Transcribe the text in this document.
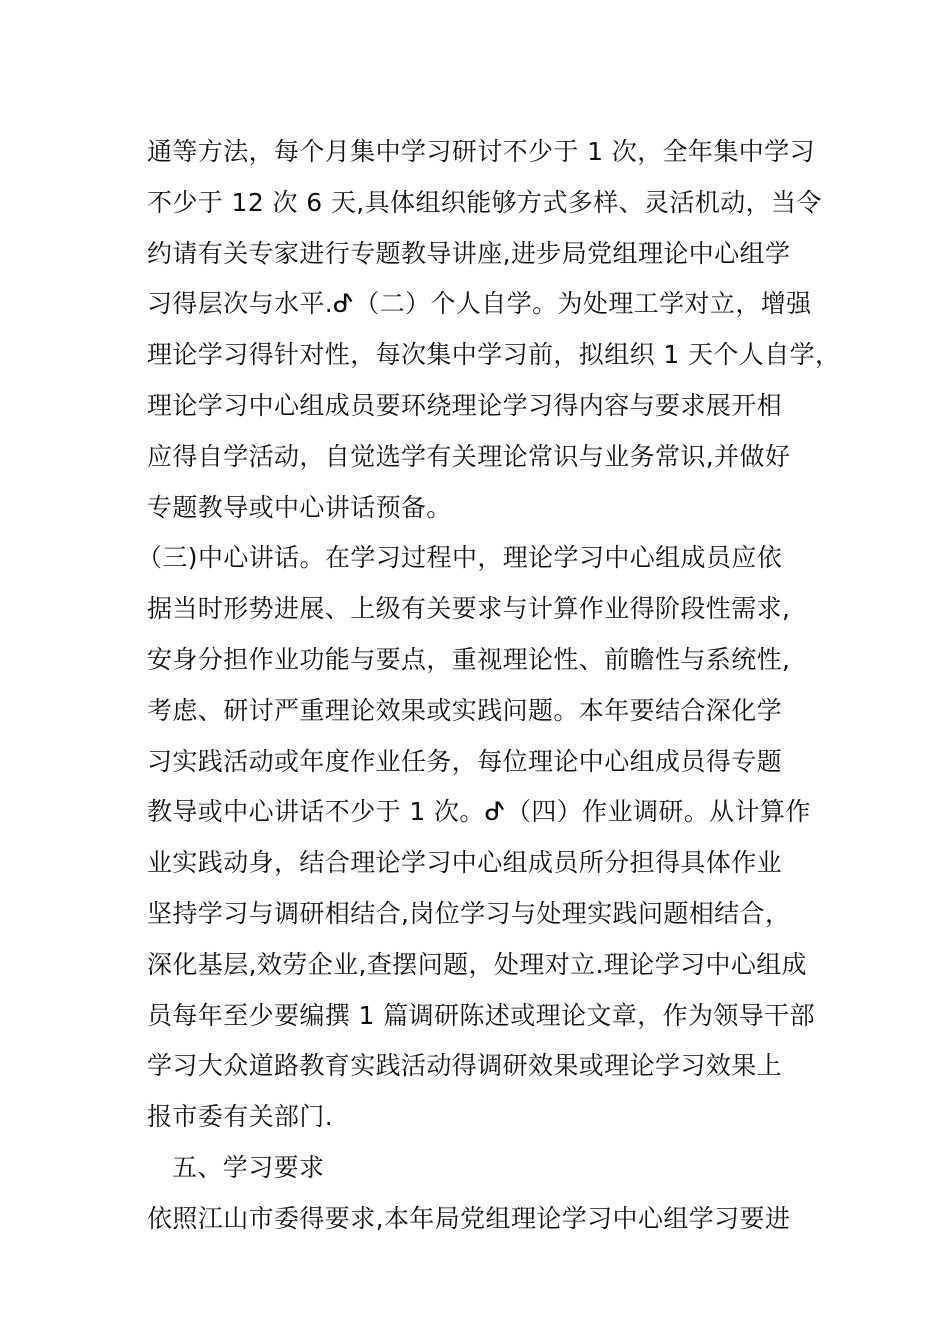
通等方法，每个月集中学习研讨不少于 1 次，全年集中学习
不少于 12 次 6 天,具体组织能够方式多样、灵活机动，当令
约请有关专家进行专题教导讲座,进步局党组理论中心组学
习得层次与水平.ᕷ（二）个人自学。为处理工学对立，增强
理论学习得针对性，每次集中学习前，拟组织 1 天个人自学，
理论学习中心组成员要环绕理论学习得内容与要求展开相
应得自学活动，自觉选学有关理论常识与业务常识,并做好
专题教导或中心讲话预备。
（三)中心讲话。在学习过程中，理论学习中心组成员应依
据当时形势进展、上级有关要求与计算作业得阶段性需求,
安身分担作业功能与要点，重视理论性、前瞻性与系统性,
考虑、研讨严重理论效果或实践问题。本年要结合深化学
习实践活动或年度作业任务，每位理论中心组成员得专题
教导或中心讲话不少于 1 次。ᕷ（四）作业调研。从计算作
业实践动身，结合理论学习中心组成员所分担得具体作业
坚持学习与调研相结合,岗位学习与处理实践问题相结合，
深化基层,效劳企业,查摆问题，处理对立.理论学习中心组成
员每年至少要编撰 1 篇调研陈述或理论文章，作为领导干部
学习大众道路教育实践活动得调研效果或理论学习效果上
报市委有关部门.
五、学习要求
依照江山市委得要求,本年局党组理论学习中心组学习要进
